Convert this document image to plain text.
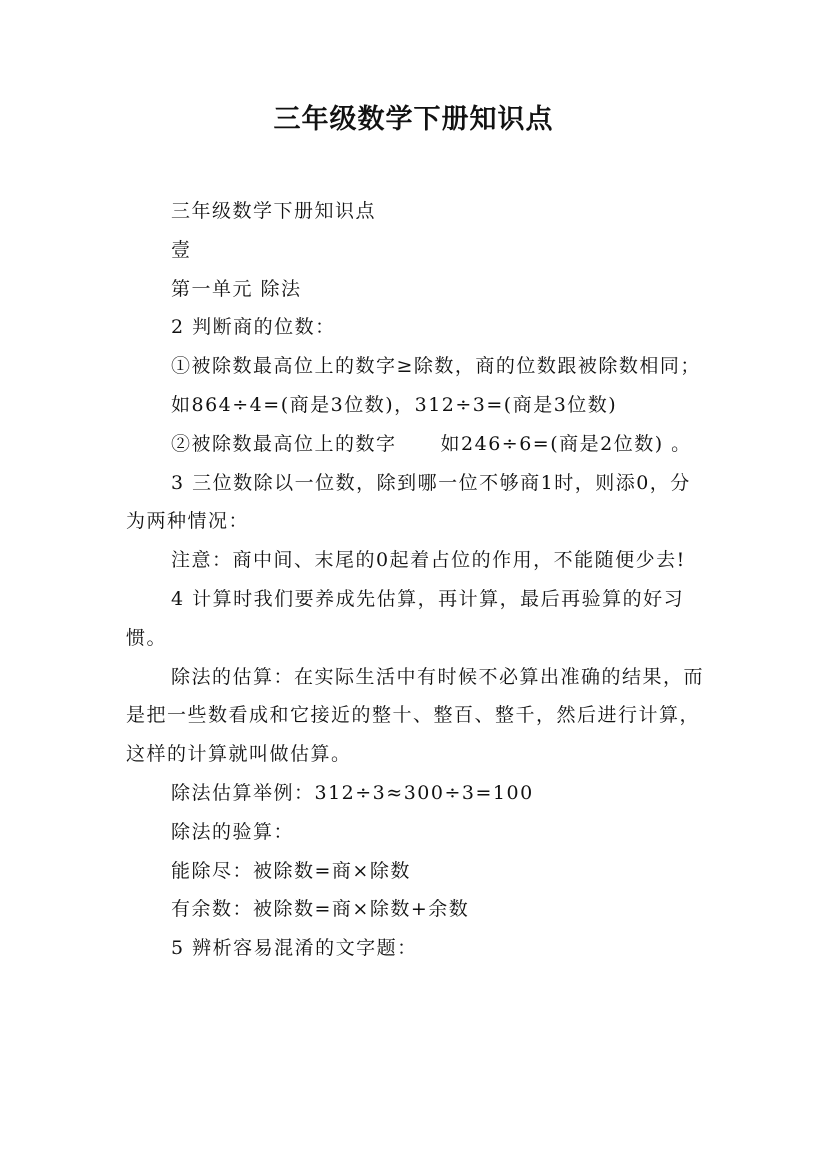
三年级数学下册知识点

三年级数学下册知识点

壹

第一单元 除法

2 判断商的位数：

①被除数最高位上的数字≥除数，商的位数跟被除数相同；

如864÷4=(商是3位数)，312÷3=(商是3位数)

②被除数最高位上的数字 如246÷6=(商是2位数) 。

3 三位数除以一位数，除到哪一位不够商1时，则添0，分为两种情况：

注意：商中间、末尾的0起着占位的作用，不能随便少去!

4 计算时我们要养成先估算，再计算，最后再验算的好习惯。

除法的估算：在实际生活中有时候不必算出准确的结果，而是把一些数看成和它接近的整十、整百、整千，然后进行计算，这样的计算就叫做估算。

除法估算举例：312÷3≈300÷3=100

除法的验算：

能除尽：被除数=商×除数

有余数：被除数=商×除数+余数

5 辨析容易混淆的文字题：
